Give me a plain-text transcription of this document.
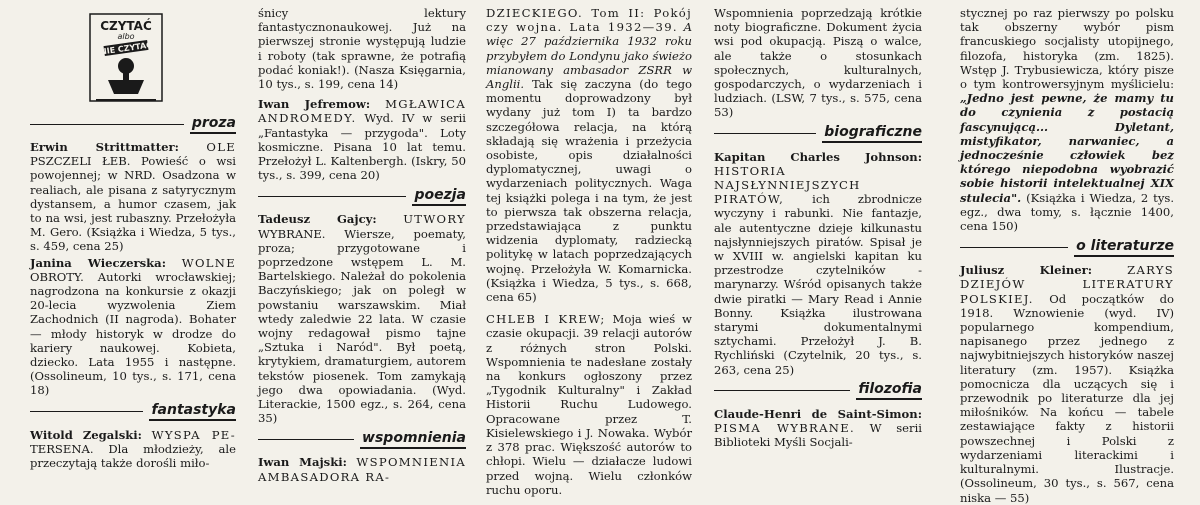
CZYTAĆ
albo
NIE CZYTAĆ
proza

Erwin Strittmatter: OLE PSZCZELI ŁEB. Powieść o wsi powojennej; w NRD. Osadzona w realiach, ale pisana z satyrycznym dystansem, a humor czasem, jak to na wsi, jest rubaszny. Przełożyła M. Gero. (Książka i Wiedza, 5 tys., s. 459, cena 25)

Janina Wieczerska: WOLNE OBROTY. Autorki wrocławskiej; nagrodzona na konkursie z okazji 20-lecia wyzwolenia Ziem Zachodnich (II nagroda). Bohater — młody historyk w drodze do kariery naukowej. Kobieta, dziecko. Lata 1955 i następne. (Ossolineum, 10 tys., s. 171, cena 18)

fantastyka

Witold Zegalski: WYSPA PE- TERSENA. Dla młodzieży, ale przeczytają także dorośli miło-

śnicy lektury fantastycznonaukowej. Już na pierwszej stronie występują ludzie i roboty (tak sprawne, że potrafią podać koniak!). (Nasza Księgarnia, 10 tys., s. 199, cena 14)

Iwan Jefremow: MGŁAWICA ANDROMEDY. Wyd. IV w serii „Fantastyka — przygoda". Loty kosmiczne. Pisana 10 lat temu. Przełożył L. Kaltenbergh. (Iskry, 50 tys., s. 399, cena 20)

poezja

Tadeusz Gajcy: UTWORY WYBRANE. Wiersze, poematy, proza; przygotowane i poprzedzone wstępem L. M. Bartelskiego. Należał do pokolenia Baczyńskiego; jak on poległ w powstaniu warszawskim. Miał wtedy zaledwie 22 lata. W czasie wojny redagował pismo tajne „Sztuka i Naród". Był poetą, krytykiem, dramaturgiem, autorem tekstów piosenek. Tom zamykają jego dwa opowiadania. (Wyd. Literackie, 1500 egz., s. 264, cena 35)

wspomnienia

Iwan Majski: WSPOMNIENIA AMBASADORA RA-

DZIECKIEGO. Tom II: Pokój czy wojna. Lata 1932—39. A więc 27 października 1932 roku przybyłem do Londynu jako świeżo mianowany ambasador ZSRR w Anglii. Tak się zaczyna (do tego momentu doprowadzony był wydany już tom I) ta bardzo szczegółowa relacja, na którą składają się wrażenia i przeżycia osobiste, opis działalności dyplomatycznej, uwagi o wydarzeniach politycznych. Waga tej książki polega i na tym, że jest to pierwsza tak obszerna relacja, przedstawiająca z punktu widzenia dyplomaty, radziecką politykę w latach poprzedzających wojnę. Przełożyła W. Komarnicka. (Książka i Wiedza, 5 tys., s. 668, cena 65)

CHLEB I KREW; Moja wieś w czasie okupacji. 39 relacji autorów z różnych stron Polski. Wspomnienia te nadesłane zostały na konkurs ogłoszony przez „Tygodnik Kulturalny" i Zakład Historii Ruchu Ludowego. Opracowane przez T. Kisielewskiego i J. Nowaka. Wybór z 378 prac. Większość autorów to chłopi. Wielu — działacze ludowi przed wojną. Wielu członków ruchu oporu.

Wspomnienia poprzedzają krótkie noty biograficzne. Dokument życia wsi pod okupacją. Piszą o walce, ale także o stosunkach społecznych, kulturalnych, gospodarczych, o wydarzeniach i ludziach. (LSW, 7 tys., s. 575, cena 53)

biograficzne

Kapitan Charles Johnson: HISTORIA NAJSŁYNNIEJSZYCH PIRATÓW, ich zbrodnicze wyczyny i rabunki. Nie fantazje, ale autentyczne dzieje kilkunastu najsłynniejszych piratów. Spisał je w XVIII w. angielski kapitan ku przestrodze czytelników - marynarzy. Wśród opisanych także dwie piratki — Mary Read i Annie Bonny. Książka ilustrowana starymi dokumentalnymi sztychami. Przełożył J. B. Rychliński (Czytelnik, 20 tys., s. 263, cena 25)

filozofia

Claude-Henri de Saint-Simon: PISMA WYBRANE. W serii Biblioteki Myśli Socjali-

stycznej po raz pierwszy po polsku tak obszerny wybór pism francuskiego socjalisty utopijnego, filozofa, historyka (zm. 1825). Wstęp J. Trybusiewicza, który pisze o tym kontrowersyjnym myślicielu: „Jedno jest pewne, że mamy tu do czynienia z postacią fascynującą... Dyletant, mistyfikator, narwaniec, a jednocześnie człowiek bez którego niepodobna wyobrazić sobie historii intelektualnej XIX stulecia". (Książka i Wiedza, 2 tys. egz., dwa tomy, s. łącznie 1400, cena 150)

o literaturze

Juliusz Kleiner:	ZARYS DZIEJÓW LITERATURY POLSKIEJ. Od początków do 1918. Wznowienie (wyd. IV) popularnego kompendium, napisanego przez jednego z najwybitniejszych historyków naszej literatury (zm. 1957). Książka pomocnicza dla uczących się i przewodnik po literaturze dla jej miłośników. Na końcu — tabele zestawiające fakty z historii powszechnej i Polski z wydarzeniami literackimi i kulturalnymi. Ilustracje. (Ossolineum, 30 tys., s. 567, cena niska — 55)
